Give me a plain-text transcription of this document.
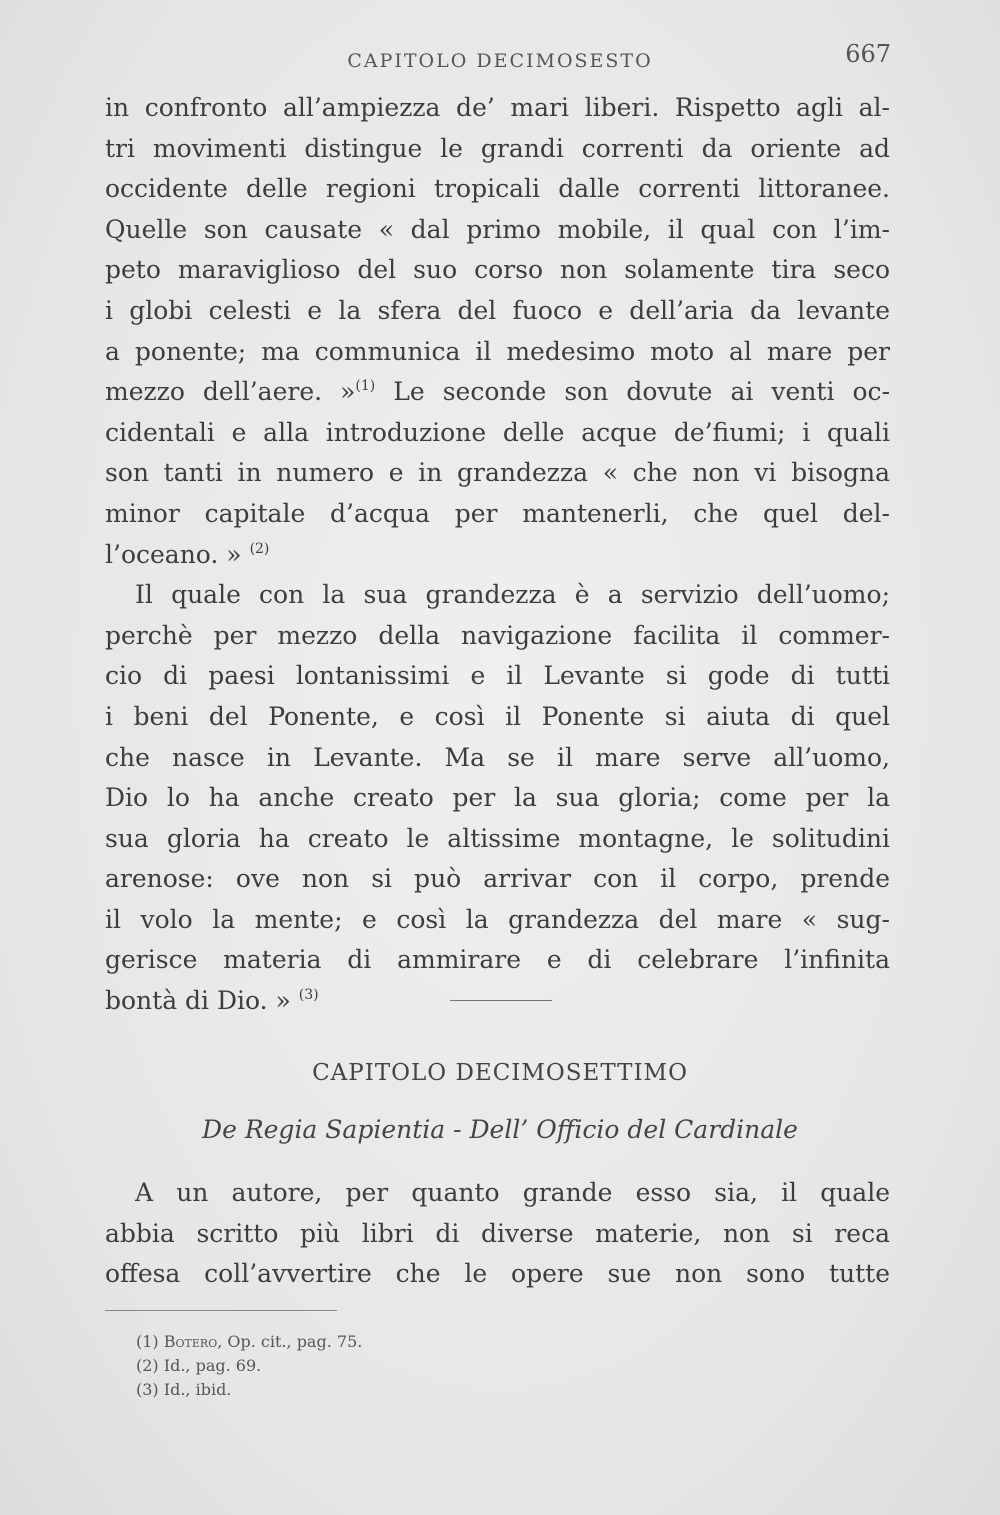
CAPITOLO DECIMOSESTO	667
in confronto all’ampiezza de’ mari liberi. Rispetto agli al-
tri movimenti distingue le grandi correnti da oriente ad
occidente delle regioni tropicali dalle correnti littoranee.
Quelle son causate « dal primo mobile, il qual con l’im-
peto maraviglioso del suo corso non solamente tira seco
i globi celesti e la sfera del fuoco e dell’aria da levante
a ponente; ma communica il medesimo moto al mare per
mezzo dell’aere. »$^{(1)}$ Le seconde son dovute ai venti oc-
cidentali e alla introduzione delle acque de’fiumi; i quali
son tanti in numero e in grandezza « che non vi bisogna
minor capitale d’acqua per mantenerli, che quel del-
l’oceano. » $^{(2)}$
Il quale con la sua grandezza è a servizio dell’uomo;
perchè per mezzo della navigazione facilita il commer-
cio di paesi lontanissimi e il Levante si gode di tutti
i beni del Ponente, e così il Ponente si aiuta di quel
che nasce in Levante. Ma se il mare serve all’uomo,
Dio lo ha anche creato per la sua gloria; come per la
sua gloria ha creato le altissime montagne, le solitudini
arenose: ove non si può arrivar con il corpo, prende
il volo la mente; e così la grandezza del mare « sug-
gerisce materia di ammirare e di celebrare l’infinita
bontà di Dio. » $^{(3)}$
CAPITOLO DECIMOSETTIMO
De Regia Sapientia - Dell’ Officio del Cardinale
A un autore, per quanto grande esso sia, il quale
abbia scritto più libri di diverse materie, non si reca
offesa coll’avvertire che le opere sue non sono tutte
(1) Botero, Op. cit., pag. 75.
(2) Id., pag. 69.
(3) Id., ibid.
